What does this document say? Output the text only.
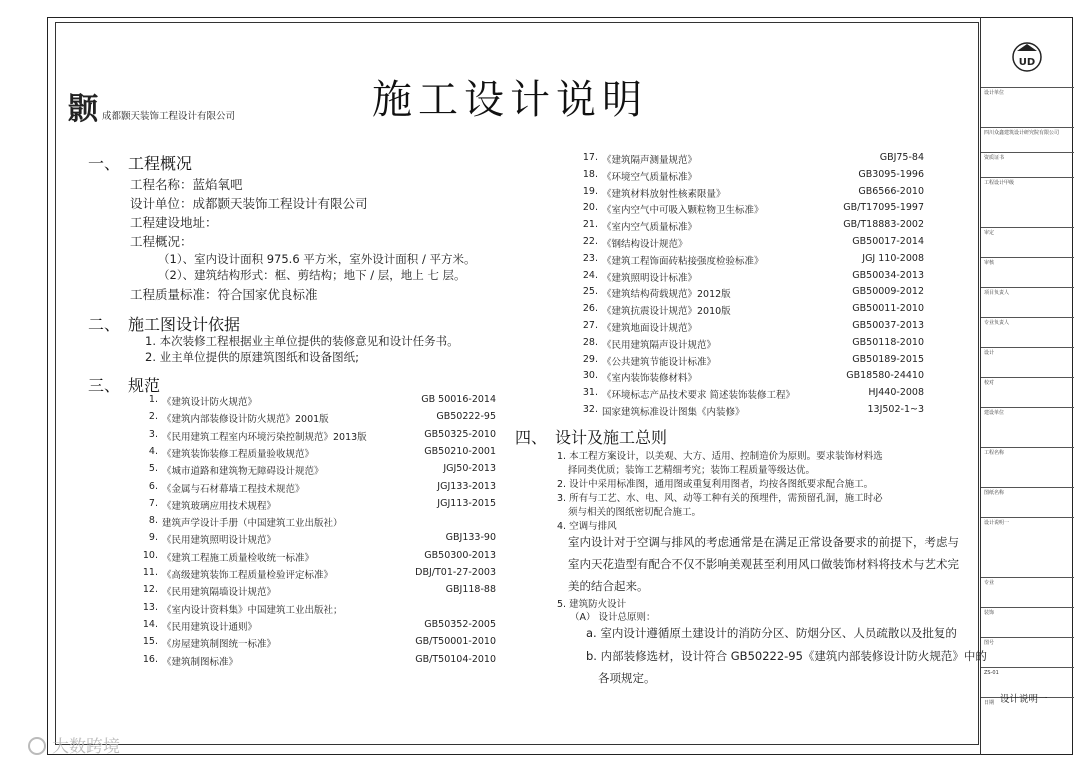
颢 成都颢天装饰工程设计有限公司	施工设计说明
一、 工程概况
工程名称：蓝焰氧吧
设计单位：成都颢天装饰工程设计有限公司
工程建设地址：
工程概况：
（1）、室内设计面积 975.6 平方米，室外设计面积 / 平方米。
（2）、建筑结构形式：框、剪结构；地下 / 层，地上 七 层。
工程质量标准：符合国家优良标准
二、 施工图设计依据
1. 本次装修工程根据业主单位提供的装修意见和设计任务书。
2. 业主单位提供的原建筑图纸和设备图纸;
三、 规范
1. 《建筑设计防火规范》	GB 50016-2014
2. 《建筑内部装修设计防火规范》2001版	GB50222-95
3. 《民用建筑工程室内环境污染控制规范》2013版	GB50325-2010
4. 《建筑装饰装修工程质量验收规范》	GB50210-2001
5. 《城市道路和建筑物无障碍设计规范》	JGJ50-2013
6. 《金属与石材幕墙工程技术规范》	JGJ133-2013
7. 《建筑玻璃应用技术规程》	JGJ113-2015
8. 建筑声学设计手册（中国建筑工业出版社）
9. 《民用建筑照明设计规范》	GBJ133-90
10. 《建筑工程施工质量检收统一标准》	GB50300-2013
11. 《高级建筑装饰工程质量检验评定标准》	DBJ/T01-27-2003
12. 《民用建筑隔墙设计规范》	GBJ118-88
13. 《室内设计资料集》中国建筑工业出版社；
14. 《民用建筑设计通则》	GB50352-2005
15. 《房屋建筑制图统一标准》	GB/T50001-2010
16. 《建筑制图标准》	GB/T50104-2010
17. 《建筑隔声测量规范》	GBJ75-84
18. 《环境空气质量标准》	GB3095-1996
19. 《建筑材料放射性核素限量》	GB6566-2010
20. 《室内空气中可吸入颗粒物卫生标准》	GB/T17095-1997
21. 《室内空气质量标准》	GB/T18883-2002
22. 《钢结构设计规范》	GB50017-2014
23. 《建筑工程饰面砖粘接强度检验标准》	JGJ 110-2008
24. 《建筑照明设计标准》	GB50034-2013
25. 《建筑结构荷载规范》2012版	GB50009-2012
26. 《建筑抗震设计规范》2010版	GB50011-2010
27. 《建筑地面设计规范》	GB50037-2013
28. 《民用建筑隔声设计规范》	GB50118-2010
29. 《公共建筑节能设计标准》	GB50189-2015
30. 《室内装饰装修材料》	GB18580-24410
31. 《环境标志产品技术要求 简述装饰装修工程》	HJ440-2008
32. 国家建筑标准设计图集《内装修》	13J502-1~3
四、 设计及施工总则
1. 本工程方案设计，以美观、大方、适用、控制造价为原则。要求装饰材料选
择同类优质；装饰工艺精细考究；装饰工程质量等级达优。
2. 设计中采用标准图，通用图或重复利用图者，均按各图纸要求配合施工。
3. 所有与工艺、水、电、风、动等工种有关的预埋件，需预留孔洞，施工时必
须与相关的图纸密切配合施工。
4. 空调与排风
室内设计对于空调与排风的考虑通常是在满足正常设备要求的前提下，考虑与
室内天花造型有配合不仅不影响美观甚至利用风口做装饰材料将技术与艺术完
美的结合起来。
5. 建筑防火设计
（A） 设计总原则：
a. 室内设计遵循原土建设计的消防分区、防烟分区、人员疏散以及批复的
b. 内部装修选材，设计符合 GB50222-95《建筑内部装修设计防火规范》中的
各项规定。
UD
设计单位
四川众鑫建筑设计研究院有限公司
资质证书
工程设计甲级
审定
审核
项目负责人
专业负责人
设计
校对
建设单位
工程名称
图纸名称
设计说明一
专业
装饰
图号
ZS-01
日期 设计说明一
大数跨境
